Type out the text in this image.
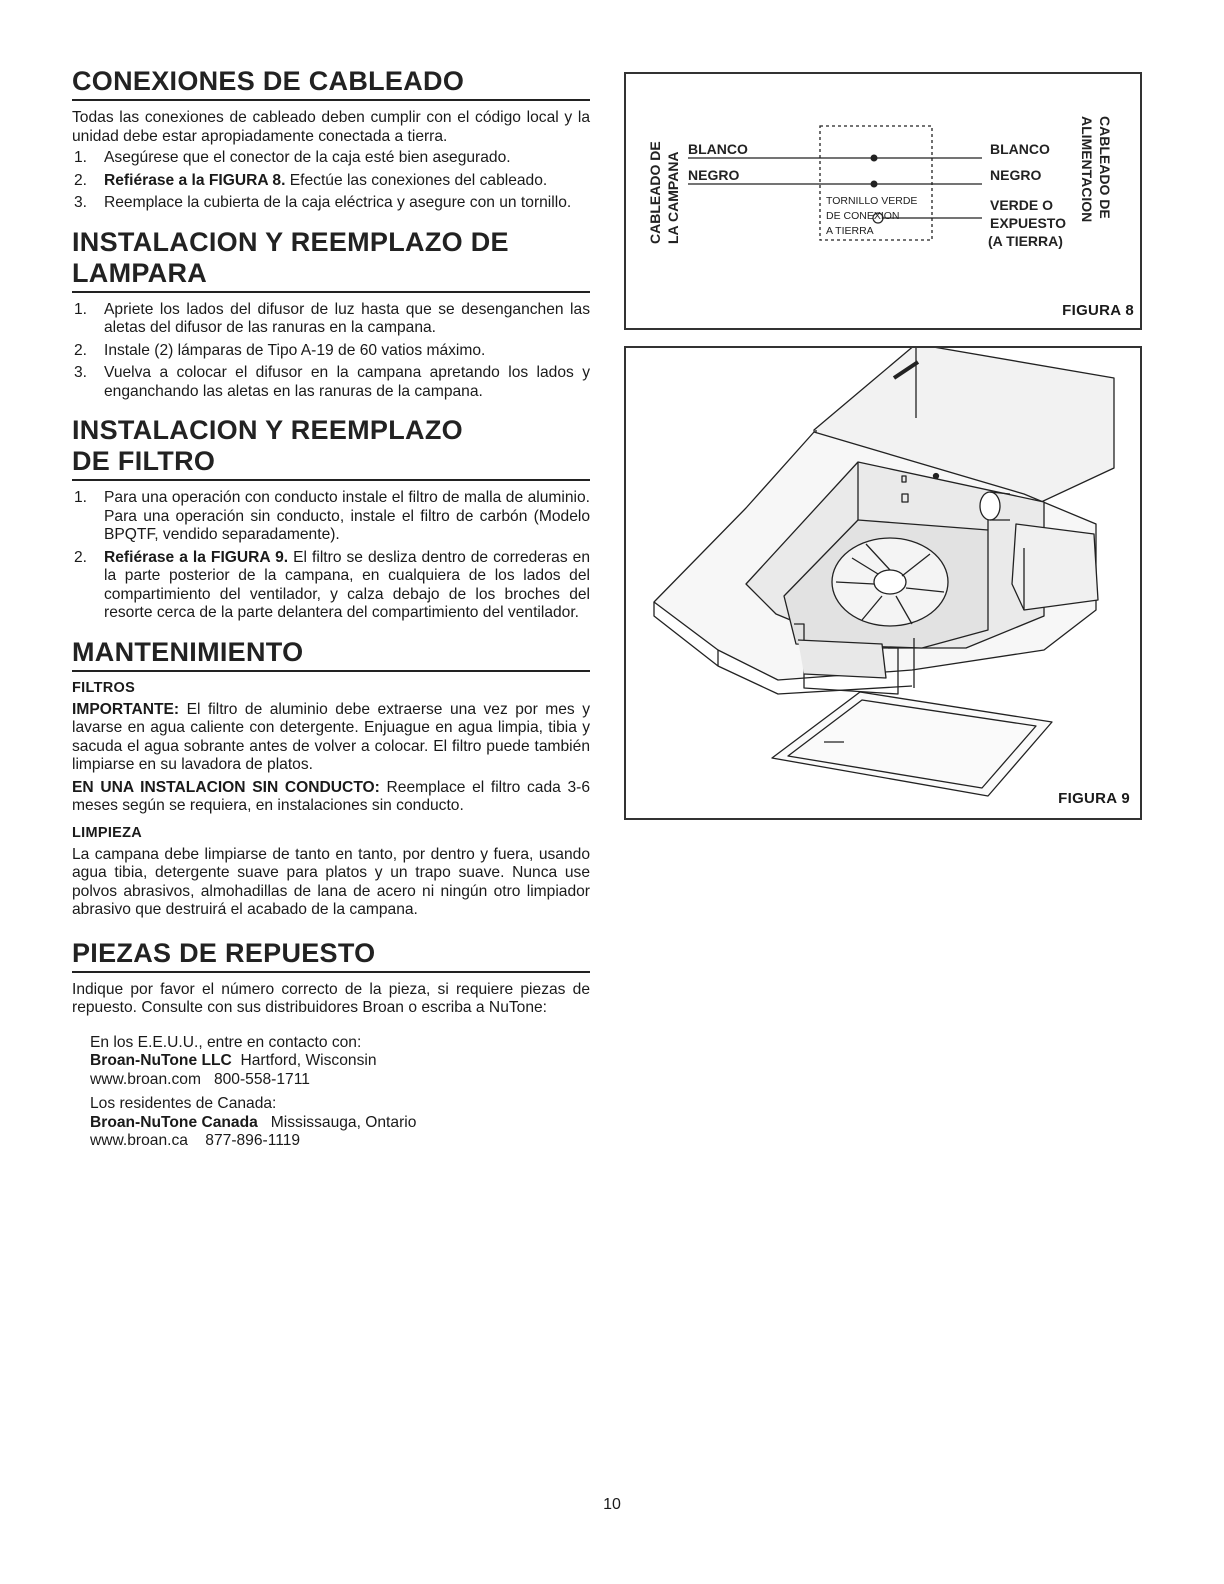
CONEXIONES DE CABLEADO

Todas las conexiones de cableado deben cumplir con el código local y la unidad debe estar apropiadamente conectada a tierra.

1. Asegúrese que el conector de la caja esté bien asegurado.
2. Refiérase a la FIGURA 8. Efectúe las conexiones del cableado.
3. Reemplace la cubierta de la caja eléctrica y asegure con un tornillo.
INSTALACION Y REEMPLAZO DE
LAMPARA
1. Apriete los lados del difusor de luz hasta que se desenganchen las aletas del difusor de las ranuras en la campana.
2. Instale (2) lámparas de Tipo A-19 de 60 vatios máximo.
3. Vuelva a colocar el difusor en la campana apretando los lados y enganchando las aletas en las ranuras de la campana.
INSTALACION Y REEMPLAZO
DE FILTRO
1. Para una operación con conducto instale el filtro de malla de aluminio. Para una operación sin conducto, instale el filtro de carbón (Modelo BPQTF, vendido separadamente).
2. Refiérase a la FIGURA 9. El filtro se desliza dentro de correderas en la parte posterior de la campana, en cualquiera de los lados del compartimiento del ventilador, y calza debajo de los broches del resorte cerca de la parte delantera del compartimiento del ventilador.
MANTENIMIENTO
FILTROS

IMPORTANTE: El filtro de aluminio debe extraerse una vez por mes y lavarse en agua caliente con detergente. Enjuague en agua limpia, tibia y sacuda el agua sobrante antes de volver a colocar. El filtro puede también limpiarse en su lavadora de platos.

EN UNA INSTALACION SIN CONDUCTO: Reemplace el filtro cada 3-6 meses según se requiera, en instalaciones sin conducto.

LIMPIEZA

La campana debe limpiarse de tanto en tanto, por dentro y fuera, usando agua tibia, detergente suave para platos y un trapo suave. Nunca use polvos abrasivos, almohadillas de lana de acero ni ningún otro limpiador abrasivo que destruirá el acabado de la campana.

PIEZAS DE REPUESTO

Indique por favor el número correcto de la pieza, si requiere piezas de repuesto. Consulte con sus distribuidores Broan o escriba a NuTone:

En los E.E.U.U., entre en contacto con:
Broan-NuTone LLC Hartford, Wisconsin
www.broan.com 800-558-1711
Los residentes de Canada:
Broan-NuTone Canada Mississauga, Ontario
www.broan.ca 877-896-1119
CABLEADO DE LA CAMPANA	CABLEADO DE
ALIMENTACION
BLANCO
NEGRO
BLANCO
NEGRO
VERDE O
EXPUESTO
(A TIERRA)
TORNILLO VERDE
DE CONEXION
A TIERRA
FIGURA 8
FIGURA 9
10
